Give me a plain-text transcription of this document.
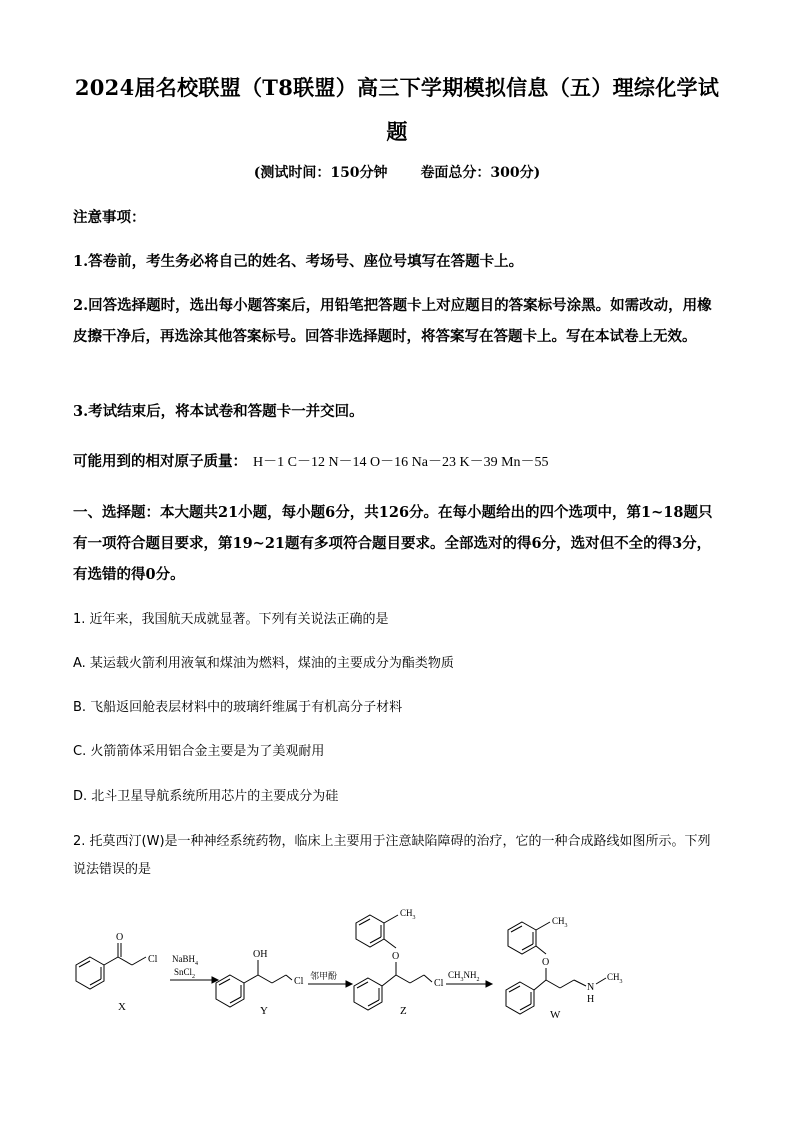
2024届名校联盟（T8联盟）高三下学期模拟信息（五）理综化学试
题
(测试时间：150分钟 卷面总分：300分)
注意事项：
1.答卷前，考生务必将自己的姓名、考场号、座位号填写在答题卡上。
2.回答选择题时，选出每小题答案后，用铅笔把答题卡上对应题目的答案标号涂黑。如需改动，用橡皮擦干净后，再选涂其他答案标号。回答非选择题时，将答案写在答题卡上。写在本试卷上无效。
3.考试结束后，将本试卷和答题卡一并交回。
可能用到的相对原子质量： H－1 C－12 N－14 O－16 Na－23 K－39 Mn－55
一、选择题：本大题共21小题，每小题6分，共126分。在每小题给出的四个选项中，第1~18题只有一项符合题目要求，第19~21题有多项符合题目要求。全部选对的得6分，选对但不全的得3分，有选错的得0分。
1. 近年来，我国航天成就显著。下列有关说法正确的是
A. 某运载火箭利用液氧和煤油为燃料，煤油的主要成分为酯类物质
B. 飞船返回舱表层材料中的玻璃纤维属于有机高分子材料
C. 火箭箭体采用铝合金主要是为了美观耐用
D. 北斗卫星导航系统所用芯片的主要成分为硅
2. 托莫西汀(W)是一种神经系统药物，临床上主要用于注意缺陷障碍的治疗，它的一种合成路线如图所示。下列说法错误的是
O
Cl
X
NaBH$_4$
SnCl$_2$
OH
Cl
Y
邻甲酚
O
$CH_3$
Cl
Z
$CH_3NH_2$
O
$CH_3$
N
H
$CH_3$
W
